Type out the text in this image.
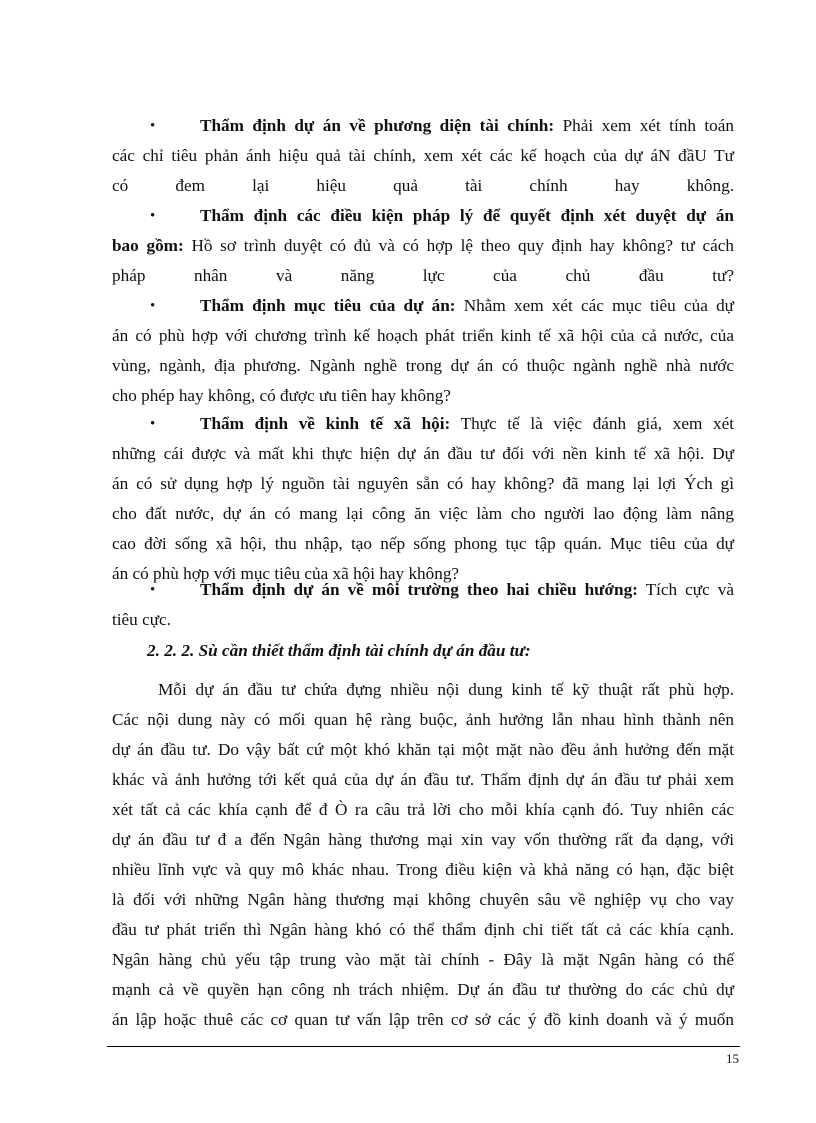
•	Thẩm định dự án về phương diện tài chính: Phải xem xét tính toán
các chỉ tiêu phản ánh hiệu quả tài chính, xem xét các kế hoạch của dự áN đầU Tư
có đem lại hiệu quả tài chính hay không.
•	Thẩm định các điều kiện pháp lý để quyết định xét duyệt dự án
bao gồm: Hồ sơ trình duyệt có đủ và có hợp lệ theo quy định hay không? tư cách
pháp nhân và năng lực của chủ đầu tư?
•	Thẩm định mục tiêu của dự án: Nhằm xem xét các mục tiêu của dự
án có phù hợp với chương trình kế hoạch phát triển kinh tế xã hội của cả nước, của
vùng, ngành, địa phương. Ngành nghề trong dự án có thuộc ngành nghề nhà nước
cho phép hay không, có được ưu tiên hay không?
•	Thẩm định về kinh tế xã hội: Thực tế là việc đánh giá, xem xét
những cái được và mất khi thực hiện dự án đầu tư đối với nền kinh tế xã hội. Dự
án có sử dụng hợp lý nguồn tài nguyên sẵn có hay không? đã mang lại lợi Ých gì
cho đất nước, dự án có mang lại công ăn việc làm cho người lao động làm nâng
cao đời sống xã hội, thu nhập, tạo nếp sống phong tục tập quán. Mục tiêu của dự
án có phù hợp với mục tiêu của xã hội hay không?
•	Thẩm định dự án về môi trường theo hai chiều hướng: Tích cực và
tiêu cực.
2. 2. 2. Sù cần thiết thẩm định tài chính dự án đầu tư:
Mỗi dự án đầu tư chứa đựng nhiều nội dung kinh tế kỹ thuật rất phù hợp.
Các nội dung này có mối quan hệ ràng buộc, ảnh hưởng lẫn nhau hình thành nên
dự án đầu tư. Do vậy bất cứ một khó khăn tại một mặt nào đều ảnh hưởng đến mặt
khác và ảnh hưởng tới kết quả của dự án đầu tư. Thẩm định dự án đầu tư phải xem
xét tất cả các khía cạnh để đ Ò ra câu trả lời cho mỗi khía cạnh đó. Tuy nhiên các
dự án đầu tư đ a đến Ngân hàng thương mại xin vay vốn thường rất đa dạng, với
nhiều lĩnh vực và quy mô khác nhau. Trong điều kiện và khả năng có hạn, đặc biệt
là đối với những Ngân hàng thương mại không chuyên sâu về nghiệp vụ cho vay
đầu tư phát triển thì Ngân hàng khó có thể thẩm định chi tiết tất cả các khía cạnh.
Ngân hàng chủ yếu tập trung vào mặt tài chính - Đây là mặt Ngân hàng có thế
mạnh cả về quyền hạn công nh trách nhiệm. Dự án đầu tư thường do các chủ dự
án lập hoặc thuê các cơ quan tư vấn lập trên cơ sở các ý đồ kinh doanh và ý muốn
15
